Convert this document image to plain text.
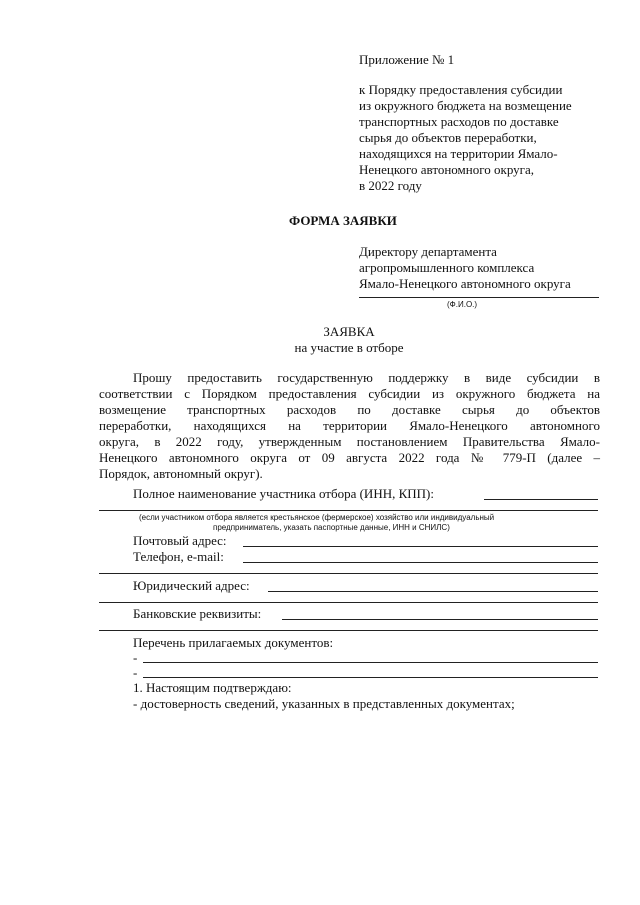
Приложение № 1
к Порядку предоставления субсидии
из окружного бюджета на возмещение
транспортных расходов по доставке
сырья до объектов переработки,
находящихся на территории Ямало-
Ненецкого автономного округа,
в 2022 году
ФОРМА ЗАЯВКИ
Директору департамента
агропромышленного комплекса
Ямало-Ненецкого автономного округа
(Ф.И.О.)
ЗАЯВКА
на участие в отборе
Прошу предоставить государственную поддержку в виде субсидии в
соответствии с Порядком предоставления субсидии из окружного бюджета на
возмещение транспортных расходов по доставке сырья до объектов
переработки, находящихся на территории Ямало-Ненецкого автономного
округа, в 2022 году, утвержденным постановлением Правительства Ямало-
Ненецкого автономного округа от 09 августа 2022 года № 779-П (далее –
Порядок, автономный округ).
Полное наименование участника отбора (ИНН, КПП):
(если участником отбора является крестьянское (фермерское) хозяйство или индивидуальный
предприниматель, указать паспортные данные, ИНН и СНИЛС)
Почтовый адрес:
Телефон, e-mail:
Юридический адрес:
Банковские реквизиты:
Перечень прилагаемых документов:
-
-
1. Настоящим подтверждаю:
- достоверность сведений, указанных в представленных документах;
